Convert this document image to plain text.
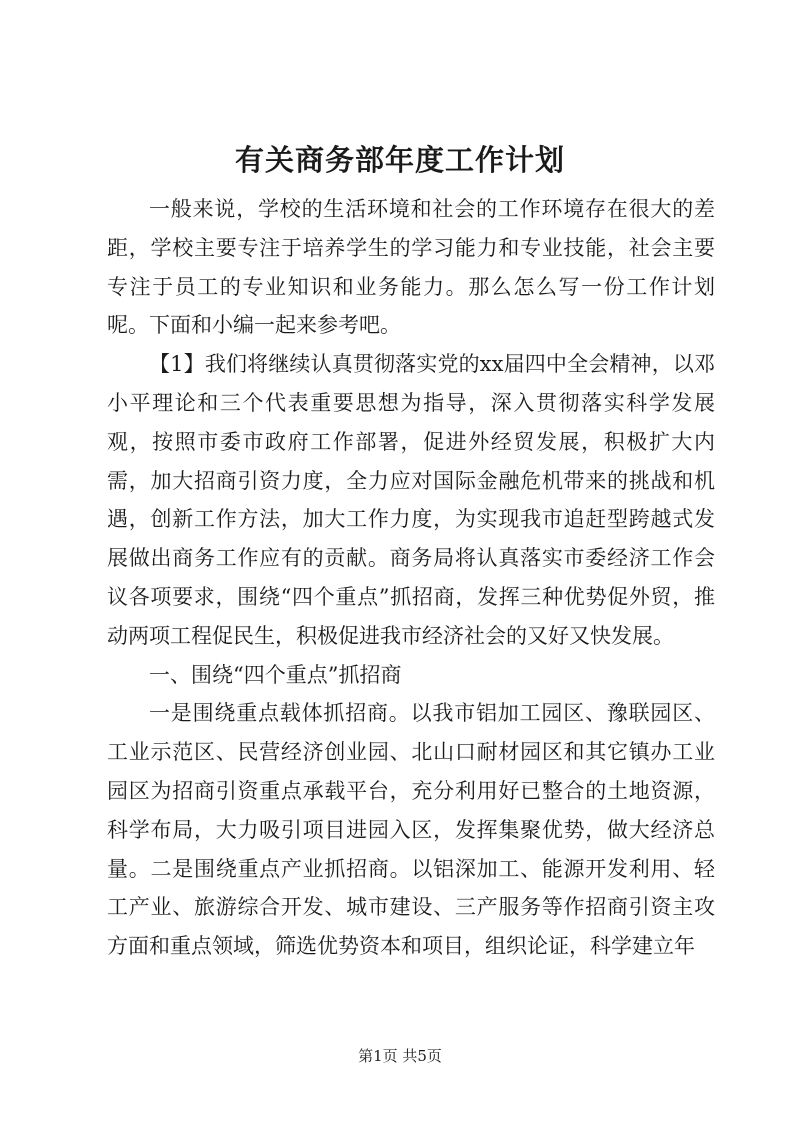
有关商务部年度工作计划

一般来说，学校的生活环境和社会的工作环境存在很大的差距，学校主要专注于培养学生的学习能力和专业技能，社会主要专注于员工的专业知识和业务能力。那么怎么写一份工作计划呢。下面和小编一起来参考吧。

【1】我们将继续认真贯彻落实党的xx届四中全会精神，以邓小平理论和三个代表重要思想为指导，深入贯彻落实科学发展观，按照市委市政府工作部署，促进外经贸发展，积极扩大内需，加大招商引资力度，全力应对国际金融危机带来的挑战和机遇，创新工作方法，加大工作力度，为实现我市追赶型跨越式发展做出商务工作应有的贡献。商务局将认真落实市委经济工作会议各项要求，围绕“四个重点”抓招商，发挥三种优势促外贸，推动两项工程促民生，积极促进我市经济社会的又好又快发展。

一、围绕“四个重点”抓招商

一是围绕重点载体抓招商。以我市铝加工园区、豫联园区、工业示范区、民营经济创业园、北山口耐材园区和其它镇办工业园区为招商引资重点承载平台，充分利用好已整合的土地资源，科学布局，大力吸引项目进园入区，发挥集聚优势，做大经济总量。二是围绕重点产业抓招商。以铝深加工、能源开发利用、轻工产业、旅游综合开发、城市建设、三产服务等作招商引资主攻方面和重点领域，筛选优势资本和项目，组织论证，科学建立年

第1页 共5页
